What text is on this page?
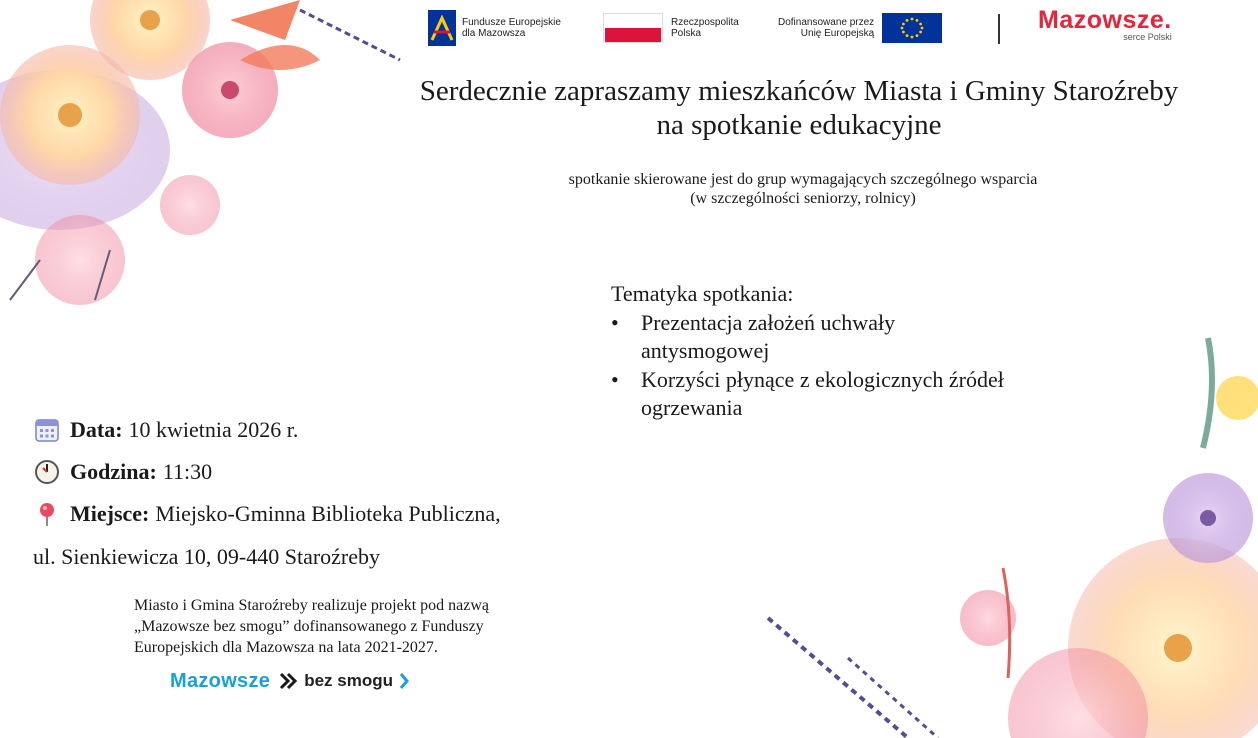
Fundusze Europejskie
dla Mazowsza
Rzeczpospolita
Polska
Dofinansowane przez
Unię Europejską	Mazowsze.
serce Polski
Serdecznie zapraszamy mieszkańców Miasta i Gminy Staroźreby
na spotkanie edukacyjne
spotkanie skierowane jest do grup wymagających szczególnego wsparcia
(w szczególności seniorzy, rolnicy)
Tematyka spotkania:
• Prezentacja założeń uchwały antysmogowej
• Korzyści płynące z ekologicznych źródeł ogrzewania
Data: 10 kwietnia 2026 r.
Godzina: 11:30
Miejsce: Miejsko-Gminna Biblioteka Publiczna,
ul. Sienkiewicza 10, 09-440 Staroźreby
Miasto i Gmina Staroźreby realizuje projekt pod nazwą
„Mazowsze bez smogu” dofinansowanego z Funduszy
Europejskich dla Mazowsza na lata 2021-2027.
Mazowsze bez smogu
